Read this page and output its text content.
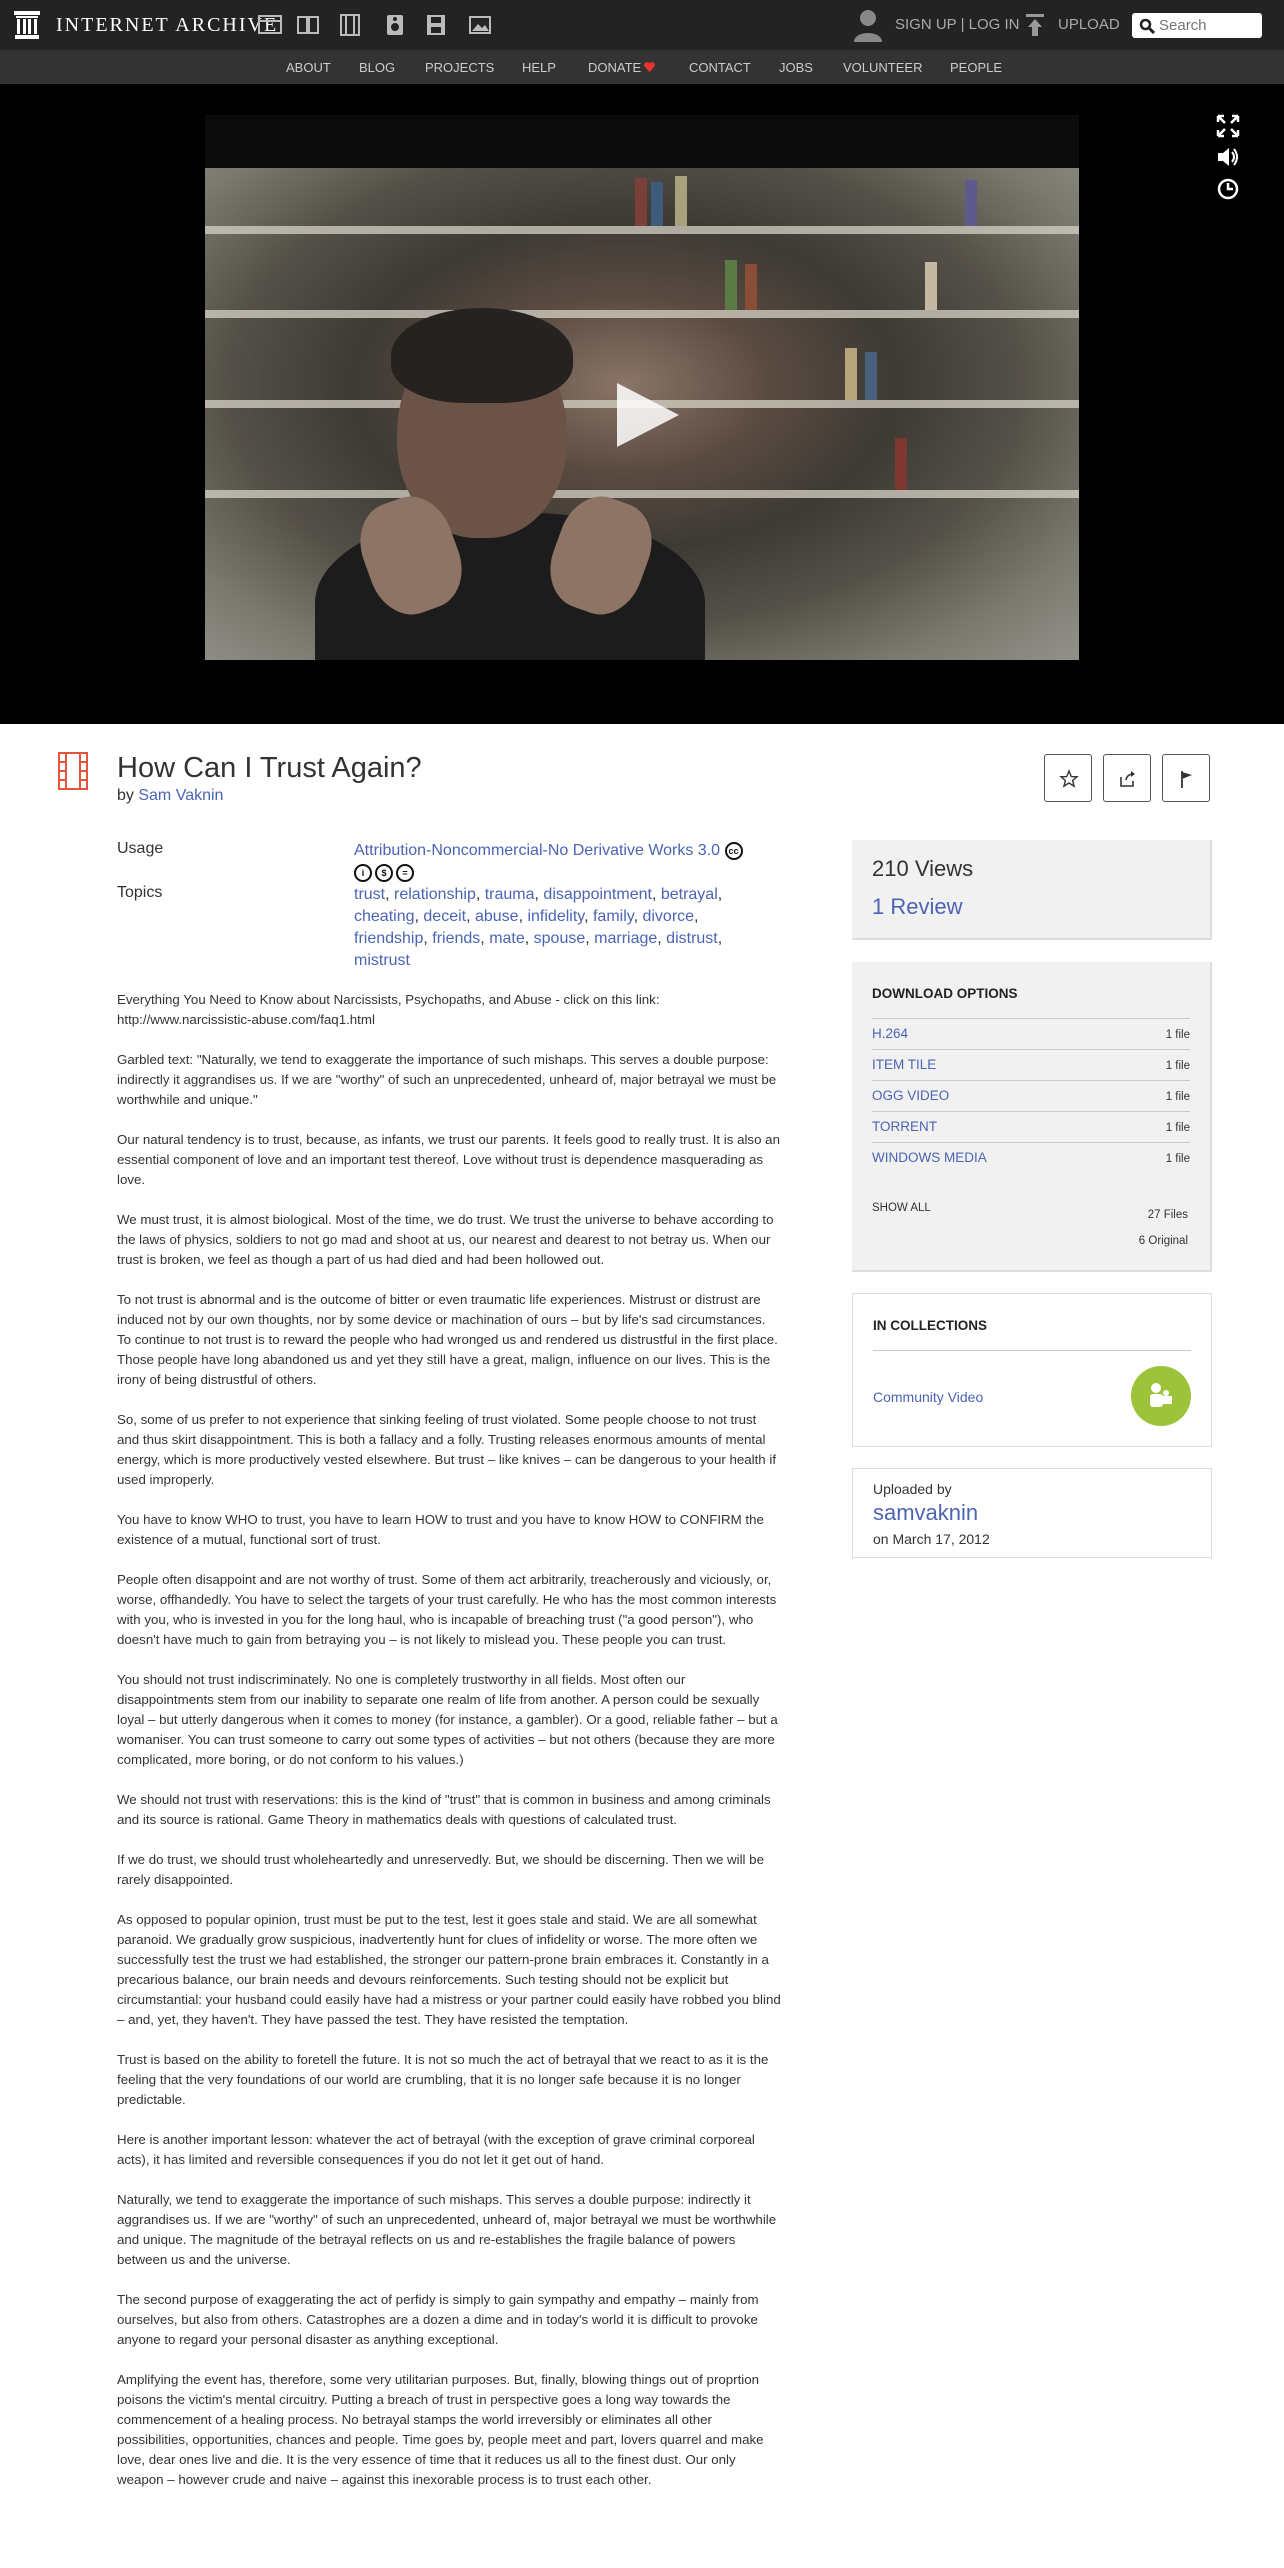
INTERNET ARCHIVE	SIGN UP | LOG IN	UPLOAD
Search
ABOUT BLOG PROJECTS HELP DONATE	CONTACT JOBS VOLUNTEER PEOPLE
How Can I Trust Again?
by Sam Vaknin
Usage	Attribution-Noncommercial-No Derivative Works 3.0 cc
i $ =
Topics	trust, relationship, trauma, disappointment, betrayal, cheating, deceit, abuse, infidelity, family, divorce, friendship, friends, mate, spouse, marriage, distrust, mistrust

Everything You Need to Know about Narcissists, Psychopaths, and Abuse - click on this link: http://www.narcissistic-abuse.com/faq1.html

Garbled text: "Naturally, we tend to exaggerate the importance of such mishaps. This serves a double purpose: indirectly it aggrandises us. If we are "worthy" of such an unprecedented, unheard of, major betrayal we must be worthwhile and unique."

Our natural tendency is to trust, because, as infants, we trust our parents. It feels good to really trust. It is also an essential component of love and an important test thereof. Love without trust is dependence masquerading as love.

We must trust, it is almost biological. Most of the time, we do trust. We trust the universe to behave according to the laws of physics, soldiers to not go mad and shoot at us, our nearest and dearest to not betray us. When our trust is broken, we feel as though a part of us had died and had been hollowed out.

To not trust is abnormal and is the outcome of bitter or even traumatic life experiences. Mistrust or distrust are induced not by our own thoughts, nor by some device or machination of ours – but by life's sad circumstances. To continue to not trust is to reward the people who had wronged us and rendered us distrustful in the first place. Those people have long abandoned us and yet they still have a great, malign, influence on our lives. This is the irony of being distrustful of others.

So, some of us prefer to not experience that sinking feeling of trust violated. Some people choose to not trust and thus skirt disappointment. This is both a fallacy and a folly. Trusting releases enormous amounts of mental energy, which is more productively vested elsewhere. But trust – like knives – can be dangerous to your health if used improperly.

You have to know WHO to trust, you have to learn HOW to trust and you have to know HOW to CONFIRM the existence of a mutual, functional sort of trust.

People often disappoint and are not worthy of trust. Some of them act arbitrarily, treacherously and viciously, or, worse, offhandedly. You have to select the targets of your trust carefully. He who has the most common interests with you, who is invested in you for the long haul, who is incapable of breaching trust ("a good person"), who doesn't have much to gain from betraying you – is not likely to mislead you. These people you can trust.

You should not trust indiscriminately. No one is completely trustworthy in all fields. Most often our disappointments stem from our inability to separate one realm of life from another. A person could be sexually loyal – but utterly dangerous when it comes to money (for instance, a gambler). Or a good, reliable father – but a womaniser. You can trust someone to carry out some types of activities – but not others (because they are more complicated, more boring, or do not conform to his values.)

We should not trust with reservations: this is the kind of "trust" that is common in business and among criminals and its source is rational. Game Theory in mathematics deals with questions of calculated trust.

If we do trust, we should trust wholeheartedly and unreservedly. But, we should be discerning. Then we will be rarely disappointed.

As opposed to popular opinion, trust must be put to the test, lest it goes stale and staid. We are all somewhat paranoid. We gradually grow suspicious, inadvertently hunt for clues of infidelity or worse. The more often we successfully test the trust we had established, the stronger our pattern-prone brain embraces it. Constantly in a precarious balance, our brain needs and devours reinforcements. Such testing should not be explicit but circumstantial: your husband could easily have had a mistress or your partner could easily have robbed you blind – and, yet, they haven't. They have passed the test. They have resisted the temptation.

Trust is based on the ability to foretell the future. It is not so much the act of betrayal that we react to as it is the feeling that the very foundations of our world are crumbling, that it is no longer safe because it is no longer predictable.

Here is another important lesson: whatever the act of betrayal (with the exception of grave criminal corporeal acts), it has limited and reversible consequences if you do not let it get out of hand.

Naturally, we tend to exaggerate the importance of such mishaps. This serves a double purpose: indirectly it aggrandises us. If we are "worthy" of such an unprecedented, unheard of, major betrayal we must be worthwhile and unique. The magnitude of the betrayal reflects on us and re-establishes the fragile balance of powers between us and the universe.

The second purpose of exaggerating the act of perfidy is simply to gain sympathy and empathy – mainly from ourselves, but also from others. Catastrophes are a dozen a dime and in today's world it is difficult to provoke anyone to regard your personal disaster as anything exceptional.

Amplifying the event has, therefore, some very utilitarian purposes. But, finally, blowing things out of proprtion poisons the victim's mental circuitry. Putting a breach of trust in perspective goes a long way towards the commencement of a healing process. No betrayal stamps the world irreversibly or eliminates all other possibilities, opportunities, chances and people. Time goes by, people meet and part, lovers quarrel and make love, dear ones live and die. It is the very essence of time that it reduces us all to the finest dust. Our only weapon – however crude and naive – against this inexorable process is to trust each other.

210 Views
1 Review
DOWNLOAD OPTIONS
H.264	1 file
ITEM TILE	1 file
OGG VIDEO	1 file
TORRENT	1 file
WINDOWS MEDIA	1 file
SHOW ALL
27 Files
6 Original
IN COLLECTIONS
Community Video
Uploaded by
samvaknin
on March 17, 2012
